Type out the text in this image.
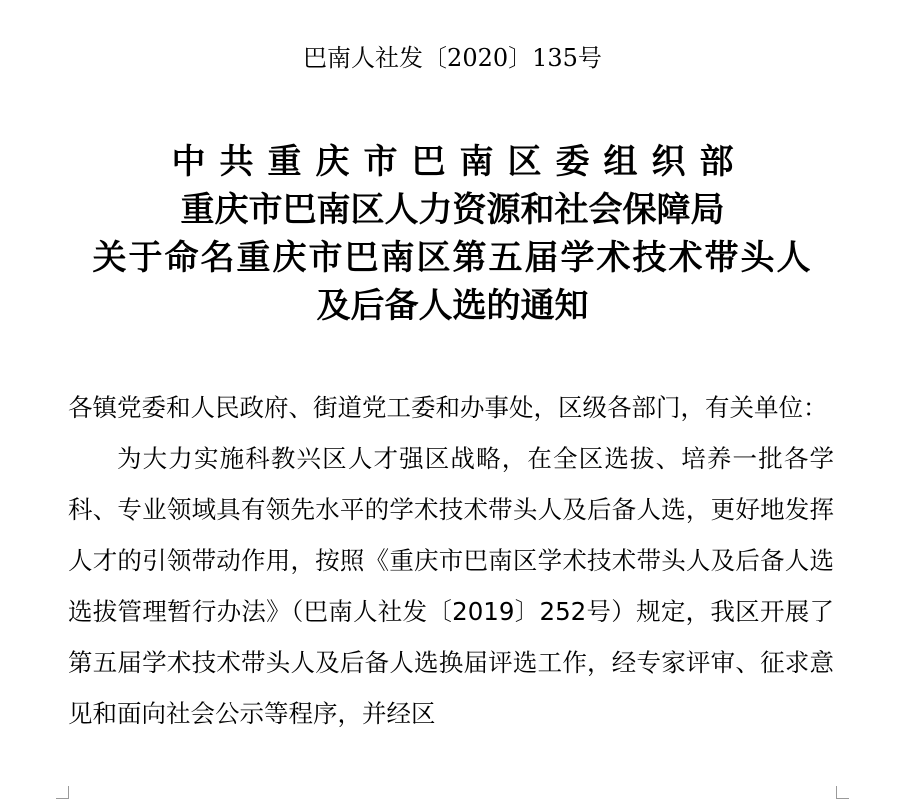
巴南人社发〔2020〕135号
中共重庆市巴南区委组织部
重庆市巴南区人力资源和社会保障局
关于命名重庆市巴南区第五届学术技术带头人
及后备人选的通知

各镇党委和人民政府、街道党工委和办事处，区级各部门，有关单位：

为大力实施科教兴区人才强区战略，在全区选拔、培养一批各学科、专业领域具有领先水平的学术技术带头人及后备人选，更好地发挥人才的引领带动作用，按照《重庆市巴南区学术技术带头人及后备人选选拔管理暂行办法》（巴南人社发〔2019〕252号）规定，我区开展了第五届学术技术带头人及后备人选换届评选工作，经专家评审、征求意见和面向社会公示等程序，并经区
